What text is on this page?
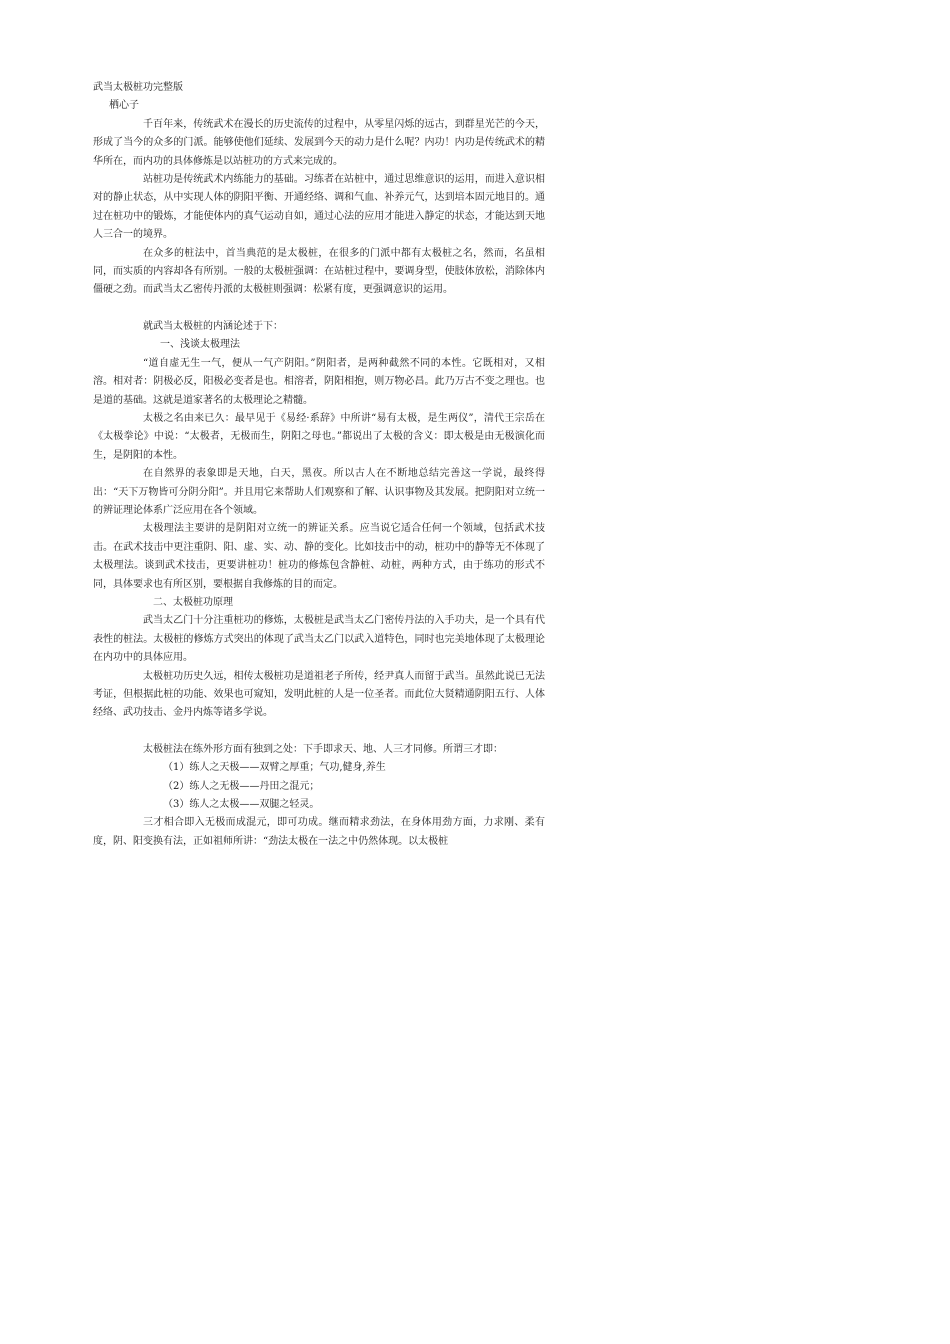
武当太极桩功完整版

栖心子

千百年来，传统武术在漫长的历史流传的过程中，从零星闪烁的远古，到群星光芒的今天，形成了当今的众多的门派。能够使他们延续、发展到今天的动力是什么呢？内功！内功是传统武术的精华所在，而内功的具体修炼是以站桩功的方式来完成的。

站桩功是传统武术内练能力的基础。习练者在站桩中，通过思维意识的运用，而进入意识相对的静止状态，从中实现人体的阴阳平衡、开通经络、调和气血、补养元气，达到培本固元地目的。通过在桩功中的锻炼，才能使体内的真气运动自如，通过心法的应用才能进入静定的状态，才能达到天地人三合一的境界。

在众多的桩法中，首当典范的是太极桩，在很多的门派中都有太极桩之名，然而，名虽相同，而实质的内容却各有所别。一般的太极桩强调：在站桩过程中，要调身型，使肢体放松，消除体内僵硬之劲。而武当太乙密传丹派的太极桩则强调：松紧有度，更强调意识的运用。

就武当太极桩的内涵论述于下：

一、浅谈太极理法

“道自虚无生一气，便从一气产阴阳。”阴阳者，是两种截然不同的本性。它既相对，又相溶。相对者：阴极必反，阳极必变者是也。相溶者，阴阳相抱，则万物必昌。此乃万古不变之理也。也是道的基础。这就是道家著名的太极理论之精髓。

太极之名由来已久：最早见于《易经·系辞》中所讲“易有太极，是生两仪”，清代王宗岳在《太极拳论》中说：“太极者，无极而生，阴阳之母也。”都说出了太极的含义：即太极是由无极演化而生，是阴阳的本性。

在自然界的表象即是天地，白天，黑夜。所以古人在不断地总结完善这一学说，最终得出：“天下万物皆可分阴分阳”。并且用它来帮助人们观察和了解、认识事物及其发展。把阴阳对立统一的辨证理论体系广泛应用在各个领域。

太极理法主要讲的是阴阳对立统一的辨证关系。应当说它适合任何一个领域，包括武术技击。在武术技击中更注重阴、阳、虚、实、动、静的变化。比如技击中的动，桩功中的静等无不体现了太极理法。谈到武术技击，更要讲桩功！桩功的修炼包含静桩、动桩，两种方式，由于练功的形式不同，具体要求也有所区别，要根据自我修炼的目的而定。

二、太极桩功原理

武当太乙门十分注重桩功的修炼，太极桩是武当太乙门密传丹法的入手功夫，是一个具有代表性的桩法。太极桩的修炼方式突出的体现了武当太乙门以武入道特色，同时也完美地体现了太极理论在内功中的具体应用。

太极桩功历史久远，相传太极桩功是道祖老子所传，经尹真人而留于武当。虽然此说已无法考证，但根据此桩的功能、效果也可窥知，发明此桩的人是一位圣者。而此位大贤精通阴阳五行、人体经络、武功技击、金丹内炼等诸多学说。

太极桩法在练外形方面有独到之处：下手即求天、地、人三才同修。所谓三才即：

（1）练人之天极——双臂之厚重；气功,健身,养生

（2）练人之无极——丹田之混元；

（3）练人之太极——双腿之轻灵。

三才相合即入无极而成混元，即可功成。继而精求劲法，在身体用劲方面，力求刚、柔有度，阴、阳变换有法，正如祖师所讲：“劲法太极在一法之中仍然体现。以太极桩
